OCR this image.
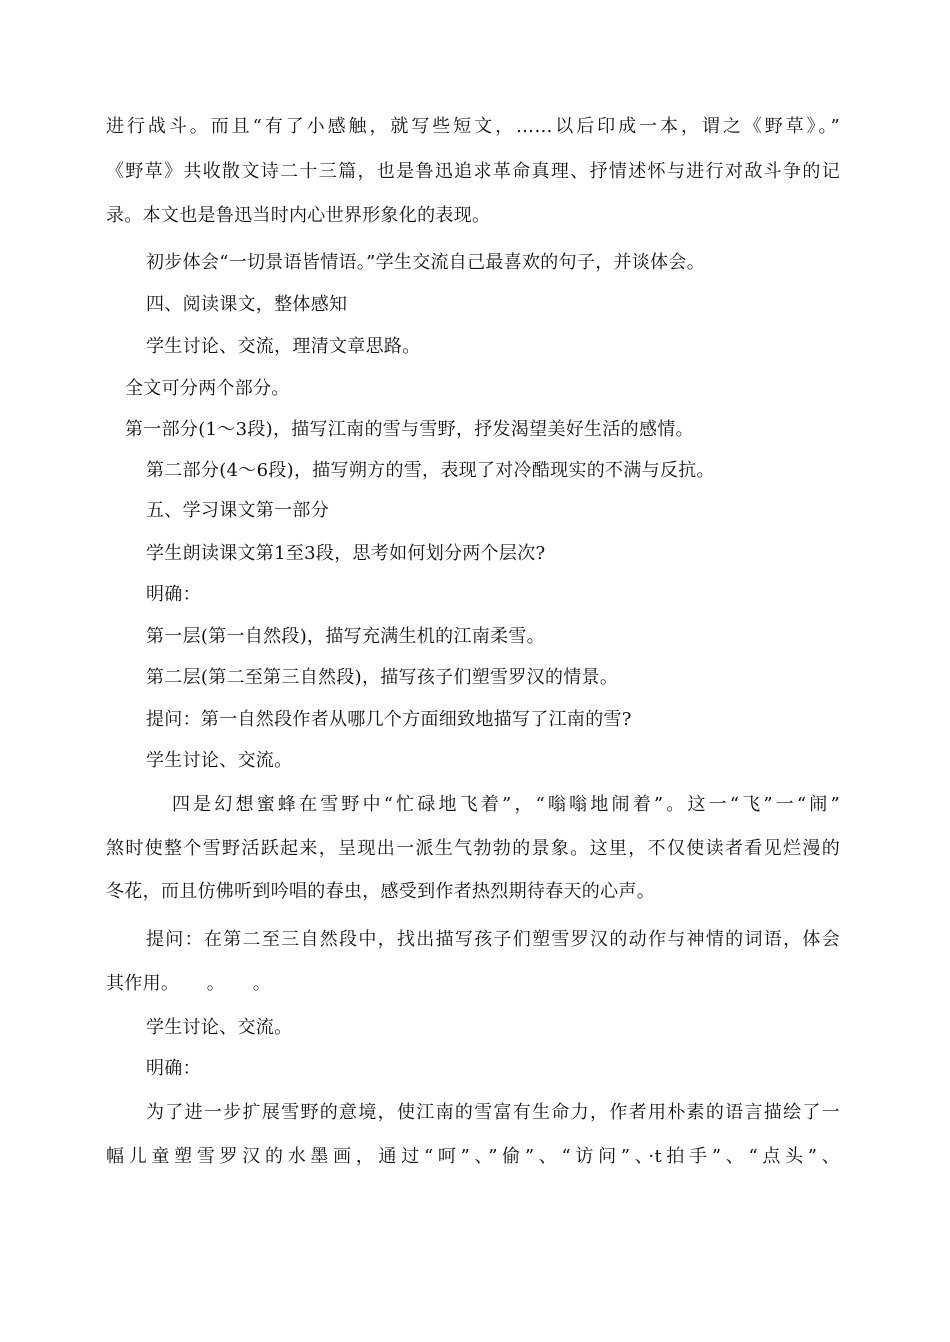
进行战斗。而且“有了小感触，就写些短文，……以后印成一本，谓之《野草》。”
《野草》共收散文诗二十三篇，也是鲁迅追求革命真理、抒情述怀与进行对敌斗争的记
录。本文也是鲁迅当时内心世界形象化的表现。
初步体会“一切景语皆情语。”学生交流自己最喜欢的句子，并谈体会。
四、阅读课文，整体感知
学生讨论、交流，理清文章思路。
全文可分两个部分。
第一部分(1～3段)，描写江南的雪与雪野，抒发渴望美好生活的感情。
第二部分(4～6段)，描写朔方的雪，表现了对冷酷现实的不满与反抗。
五、学习课文第一部分
学生朗读课文第1至3段，思考如何划分两个层次?
明确：
第一层(第一自然段)，描写充满生机的江南柔雪。
第二层(第二至第三自然段)，描写孩子们塑雪罗汉的情景。
提问：第一自然段作者从哪几个方面细致地描写了江南的雪?
学生讨论、交流。
四是幻想蜜蜂在雪野中“忙碌地飞着”，“嗡嗡地闹着”。这一“飞”一“闹”
煞时使整个雪野活跃起来，呈现出一派生气勃勃的景象。这里，不仅使读者看见烂漫的
冬花，而且仿佛听到吟唱的春虫，感受到作者热烈期待春天的心声。
提问：在第二至三自然段中，找出描写孩子们塑雪罗汉的动作与神情的词语，体会
其作用。　　。　　。
学生讨论、交流。
明确：
为了进一步扩展雪野的意境，使江南的雪富有生命力，作者用朴素的语言描绘了一
幅儿童塑雪罗汉的水墨画，通过“呵”、”偷”、“访问”、·t拍手”、“点头”、
